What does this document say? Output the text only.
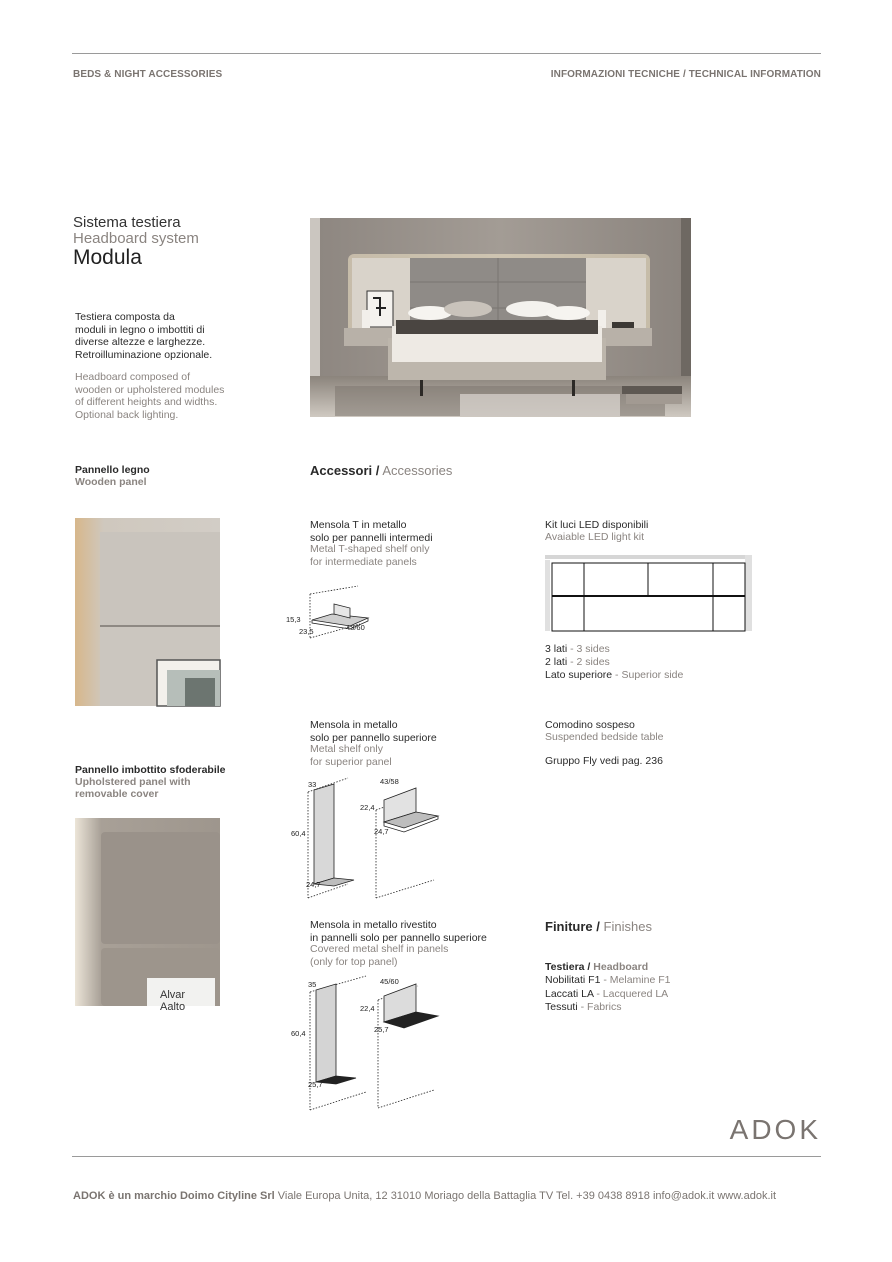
BEDS & NIGHT ACCESSORIES	INFORMAZIONI TECNICHE / TECHNICAL INFORMATION
Sistema testiera
Headboard system
Modula
Testiera composta da
moduli in legno o imbottiti di
diverse altezze e larghezze.
Retroilluminazione opzionale.
Headboard composed of
wooden or upholstered modules
of different heights and widths.
Optional back lighting.
Pannello legno
Wooden panel
Pannello imbottito sfoderabile
Upholstered panel with
removable cover
Alvar
Aalto
Accessori / Accessories
Mensola T in metallo
solo per pannelli intermedi
Metal T-shaped shelf only
for intermediate panels
15,3
23,5	43/60
Kit luci LED disponibili
Avaiable LED light kit
3 lati - 3 sides
2 lati - 2 sides
Lato superiore - Superior side
Mensola in metallo
solo per pannello superiore
Metal shelf only
for superior panel
33
60,4
24,7
43/58
22,4
24,7
Comodino sospeso
Suspended bedside table
Gruppo Fly vedi pag. 236
Mensola in metallo rivestito
in pannelli solo per pannello superiore
Covered metal shelf in panels
(only for top panel)
35
60,4
25,7
45/60
22,4
25,7
Finiture / Finishes
Testiera / Headboard
Nobilitati F1 - Melamine F1
Laccati LA - Lacquered LA
Tessuti - Fabrics
ADOK
ADOK è un marchio Doimo Cityline Srl Viale Europa Unita, 12 31010 Moriago della Battaglia TV Tel. +39 0438 8918 info@adok.it www.adok.it
